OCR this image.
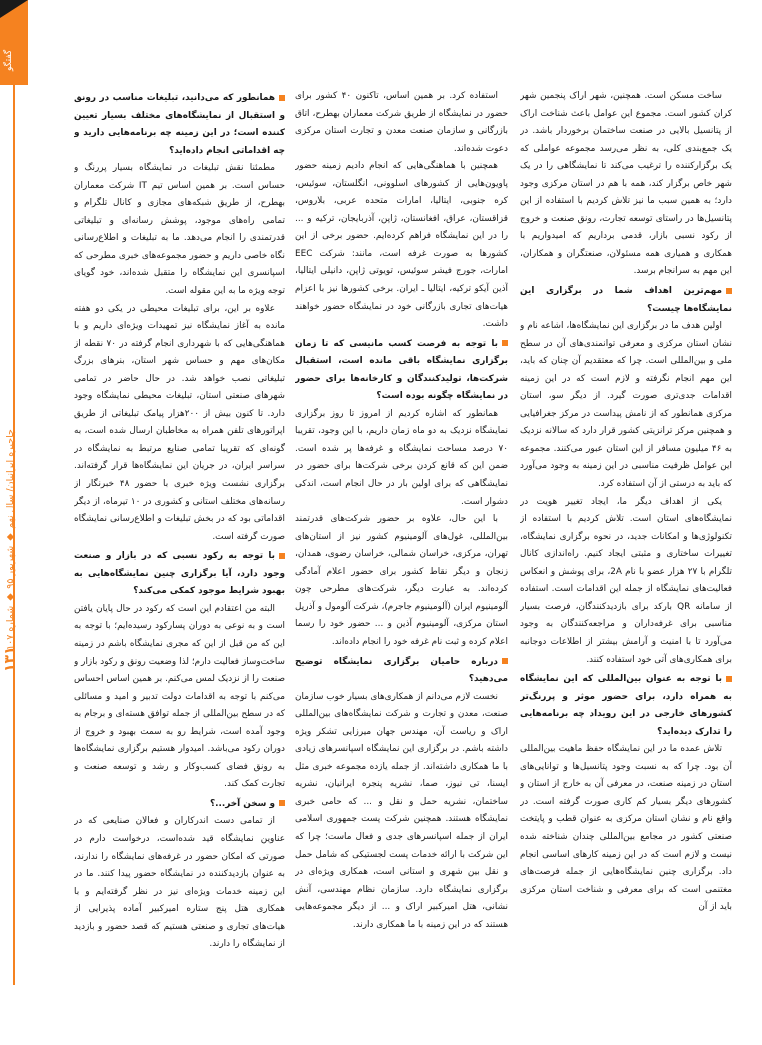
گفتگو
چاچیره ایرانیان/ سال نهم ◆ شهریور ۹۵ ◆ شماره ۱۰۷
۱۳۱

ساخت مسکن است. همچنین، شهر اراک پنجمین شهر کران کشور است. مجموع این عوامل باعث شناخت اراک از پتانسیل بالایی در صنعت ساختمان برخوردار باشد. در یک جمع‌بندی کلی، به نظر می‌رسد مجموعه عواملی که یک برگزارکننده را ترغیب می‌کند تا نمایشگاهی را در یک شهر خاص برگزار کند، همه با هم در استان مرکزی وجود دارد؛ به همین سبب ما نیز تلاش کردیم با استفاده از این پتانسیل‌ها در راستای توسعه تجارت، رونق صنعت و خروج از رکود نسبی بازار، قدمی برداریم که امیدواریم با همکاری و همیاری همه مسئولان، صنعتگران و همکاران، این مهم به سرانجام برسد.

مهم‌ترین اهداف شما در برگزاری این نمایشگاه‌ها چیست؟

اولین هدف ما در برگزاری این نمایشگاه‌ها، اشاعه نام و نشان استان مرکزی و معرفی توانمندی‌های آن در سطح ملی و بین‌المللی است. چرا که معتقدیم آن چنان که باید، این مهم انجام نگرفته و لازم است که در این زمینه اقدامات جدی‌تری صورت گیرد. از دیگر سو، استان مرکزی همانطور که از نامش پیداست در مرکز جغرافیایی و همچنین مرکز ترانزیتی کشور قرار دارد که سالانه نزدیک به ۴۶ میلیون مسافر از این استان عبور می‌کنند. مجموعه این عوامل ظرفیت مناسبی در این زمینه به وجود می‌آورد که باید به درستی از آن استفاده کرد.

یکی از اهداف دیگر ما، ایجاد تغییر هویت در نمایشگاه‌های استان است. تلاش کردیم با استفاده از تکنولوژی‌ها و امکانات جدید، در نحوه برگزاری نمایشگاه، تغییرات ساختاری و مثبتی ایجاد کنیم. راه‌اندازی کانال تلگرام با ۲۷ هزار عضو با نام 2A، برای پوشش و انعکاس فعالیت‌های نمایشگاه از جمله این اقدامات است. استفاده از سامانه QR بارکد برای بازدیدکنندگان، فرصت بسیار مناسبی برای غرفه‌داران و مراجعه‌کنندگان به وجود می‌آورد تا با امنیت و آرامش بیشتر از اطلاعات دوجانبه برای همکاری‌های آتی خود استفاده کنند.

با توجه به عنوان بین‌المللی که این نمایشگاه به همراه دارد، برای حضور موثر و پررنگ‌تر کشورهای خارجی در این رویداد چه برنامه‌هایی را تدارک دیده‌اید؟

تلاش عمده ما در این نمایشگاه حفظ ماهیت بین‌المللی آن بود. چرا که به نسبت وجود پتانسیل‌ها و توانایی‌های استان در زمینه صنعت، در معرفی آن به خارج از استان و کشورهای دیگر بسیار کم کاری صورت گرفته است. در واقع نام و نشان استان مرکزی به عنوان قطب و پایتخت صنعتی کشور در مجامع بین‌المللی چندان شناخته شده نیست و لازم است که در این زمینه کارهای اساسی انجام داد. برگزاری چنین نمایشگاه‌هایی از جمله فرصت‌های مغتنمی است که برای معرفی و شناخت استان مرکزی باید از آن

استفاده کرد. بر همین اساس، تاکنون ۴۰ کشور برای حضور در نمایشگاه از طریق شرکت معماران بهطرح، اتاق بازرگانی و سازمان صنعت معدن و تجارت استان مرکزی دعوت شده‌اند.

همچنین با هماهنگی‌هایی که انجام دادیم زمینه حضور پاویون‌هایی از کشورهای اسلوونی، انگلستان، سوئیس، کره جنوبی، ایتالیا، امارات متحده عربی، بلاروس، قزاقستان، عراق، افغانستان، ژاپن، آذربایجان، ترکیه و ... را در این نمایشگاه فراهم کرده‌ایم. حضور برخی از این کشورها به صورت غرفه است، مانند: شرکت EEC امارات، جورج فیشر سوئیس، تویوتی ژاپن، دانیلی ایتالیا، آذین آیکو ترکیه، ایتالیا ـ ایران. برخی کشورها نیز با اعزام هیات‌های تجاری بازرگانی خود در نمایشگاه حضور خواهند داشت.

با توجه به فرصت کسب مانیسی که تا زمان برگزاری نمایشگاه باقی مانده است، استقبال شرکت‌ها، تولیدکنندگان و کارخانه‌ها برای حضور در نمایشگاه چگونه بوده است؟

همانطور که اشاره کردیم از امروز تا روز برگزاری نمایشگاه نزدیک به دو ماه زمان داریم، با این وجود، تقریبا ۷۰ درصد مساحت نمایشگاه و غرفه‌ها پر شده است. ضمن این که قانع کردن برخی شرکت‌ها برای حضور در نمایشگاهی که برای اولین بار در حال انجام است، اندکی دشوار است.

با این حال، علاوه بر حضور شرکت‌های قدرتمند بین‌المللی، غول‌های آلومینیوم کشور نیز از استان‌های تهران، مرکزی، خراسان شمالی، خراسان رضوی، همدان، زنجان و دیگر نقاط کشور برای حضور اعلام آمادگی کرده‌اند. به عبارت دیگر، شرکت‌های مطرحی چون آلومینیوم ایران (آلومینیوم جاجرم)، شرکت آلومول و آذرپل استان مرکزی، آلومینیوم آذین و ... حضور خود را رسما اعلام کرده و ثبت نام غرفه خود را انجام داده‌اند.

درباره حامیان برگزاری نمایشگاه توضیح می‌دهید؟

نخست لازم می‌دانم از همکاری‌های بسیار خوب سازمان صنعت، معدن و تجارت و شرکت نمایشگاه‌های بین‌المللی اراک و ریاست آن، مهندس جهان میرزایی تشکر ویژه داشته باشم. در برگزاری این نمایشگاه اسپانسرهای زیادی با ما همکاری داشته‌اند. از جمله یازده مجموعه خبری مثل ایسنا، تی نیوز، صما، نشریه پنجره ایرانیان، نشریه ساختمان، نشریه حمل و نقل و ... که حامی خبری نمایشگاه هستند. همچنین شرکت پست جمهوری اسلامی ایران از جمله اسپانسرهای جدی و فعال ماست؛ چرا که این شرکت با ارائه خدمات پست لجستیکی که شامل حمل و نقل بین شهری و استانی است، همکاری ویژه‌ای در برگزاری نمایشگاه دارد. سازمان نظام مهندسی، آنش نشانی، هتل امیرکبیر اراک و ... از دیگر مجموعه‌هایی هستند که در این زمینه با ما همکاری دارند.

همانطور که می‌دانید، تبلیغات مناسب در رونق و استقبال از نمایشگاه‌های مختلف بسیار تعیین کننده است؛ در این زمینه چه برنامه‌هایی دارید و چه اقداماتی انجام داده‌اید؟

مطمئنا نقش تبلیغات در نمایشگاه بسیار پررنگ و حساس است. بر همین اساس تیم IT شرکت معماران بهطرح، از طریق شبکه‌های مجازی و کانال تلگرام و تمامی راه‌های موجود، پوشش رسانه‌ای و تبلیغاتی قدرتمندی را انجام می‌دهد. ما به تبلیغات و اطلاع‌رسانی نگاه خاصی داریم و حضور مجموعه‌های خبری مطرحی که اسپانسری این نمایشگاه را متقبل شده‌اند، خود گویای توجه ویژه ما به این مقوله است.

علاوه بر این، برای تبلیغات محیطی در یکی دو هفته مانده به آغاز نمایشگاه نیز تمهیدات ویژه‌ای داریم و با هماهنگی‌هایی که با شهرداری انجام گرفته در ۷۰ نقطه از مکان‌های مهم و حساس شهر استان، بنرهای بزرگ تبلیغاتی نصب خواهد شد. در حال حاضر در تمامی شهرهای صنعتی استان، تبلیغات محیطی نمایشگاه وجود دارد. تا کنون بیش از ۲۰۰هزار پیامک تبلیغاتی از طریق اپراتورهای تلفن همراه به مخاطبان ارسال شده است، به گونه‌ای که تقریبا تمامی صنایع مرتبط به نمایشگاه در سراسر ایران، در جریان این نمایشگاه‌ها قرار گرفته‌اند. برگزاری نشست ویژه خبری با حضور ۴۸ خبرنگار از رسانه‌های مختلف استانی و کشوری در ۱۰ تیرماه، از دیگر اقداماتی بود که در بخش تبلیغات و اطلاع‌رسانی نمایشگاه صورت گرفته است.

با توجه به رکود نسبی که در بازار و صنعت وجود دارد، آیا برگزاری چنین نمایشگاه‌هایی به بهبود شرایط موجود کمکی می‌کند؟

البته من اعتقادم این است که رکود در حال پایان یافتن است و به نوعی به دوران پسارکود رسیده‌ایم؛ با توجه به این که من قبل از این که مجری نمایشگاه باشم در زمینه ساخت‌وساز فعالیت دارم؛ لذا وضعیت رونق و رکود بازار و صنعت را از نزدیک لمس می‌کنم. بر همین اساس احساس می‌کنم با توجه به اقدامات دولت تدبیر و امید و مسائلی که در سطح بین‌المللی از جمله توافق هسته‌ای و برجام به وجود آمده است، شرایط رو به سمت بهبود و خروج از دوران رکود می‌باشد. امیدوار هستیم برگزاری نمایشگاه‌ها به رونق فضای کسب‌وکار و رشد و توسعه صنعت و تجارت کمک کند.

و سخن آخر...؟

از تمامی دست اندرکاران و فعالان صنایعی که در عناوین نمایشگاه قید شده‌است، درخواست دارم در صورتی که امکان حضور در غرفه‌های نمایشگاه را ندارند، به عنوان بازدیدکننده در نمایشگاه حضور پیدا کنند. ما در این زمینه خدمات ویژه‌ای نیز در نظر گرفته‌ایم و با همکاری هتل پنج ستاره امیرکبیر آماده پذیرایی از هیات‌های تجاری و صنعتی هستیم که قصد حضور و بازدید از نمایشگاه را دارند.
